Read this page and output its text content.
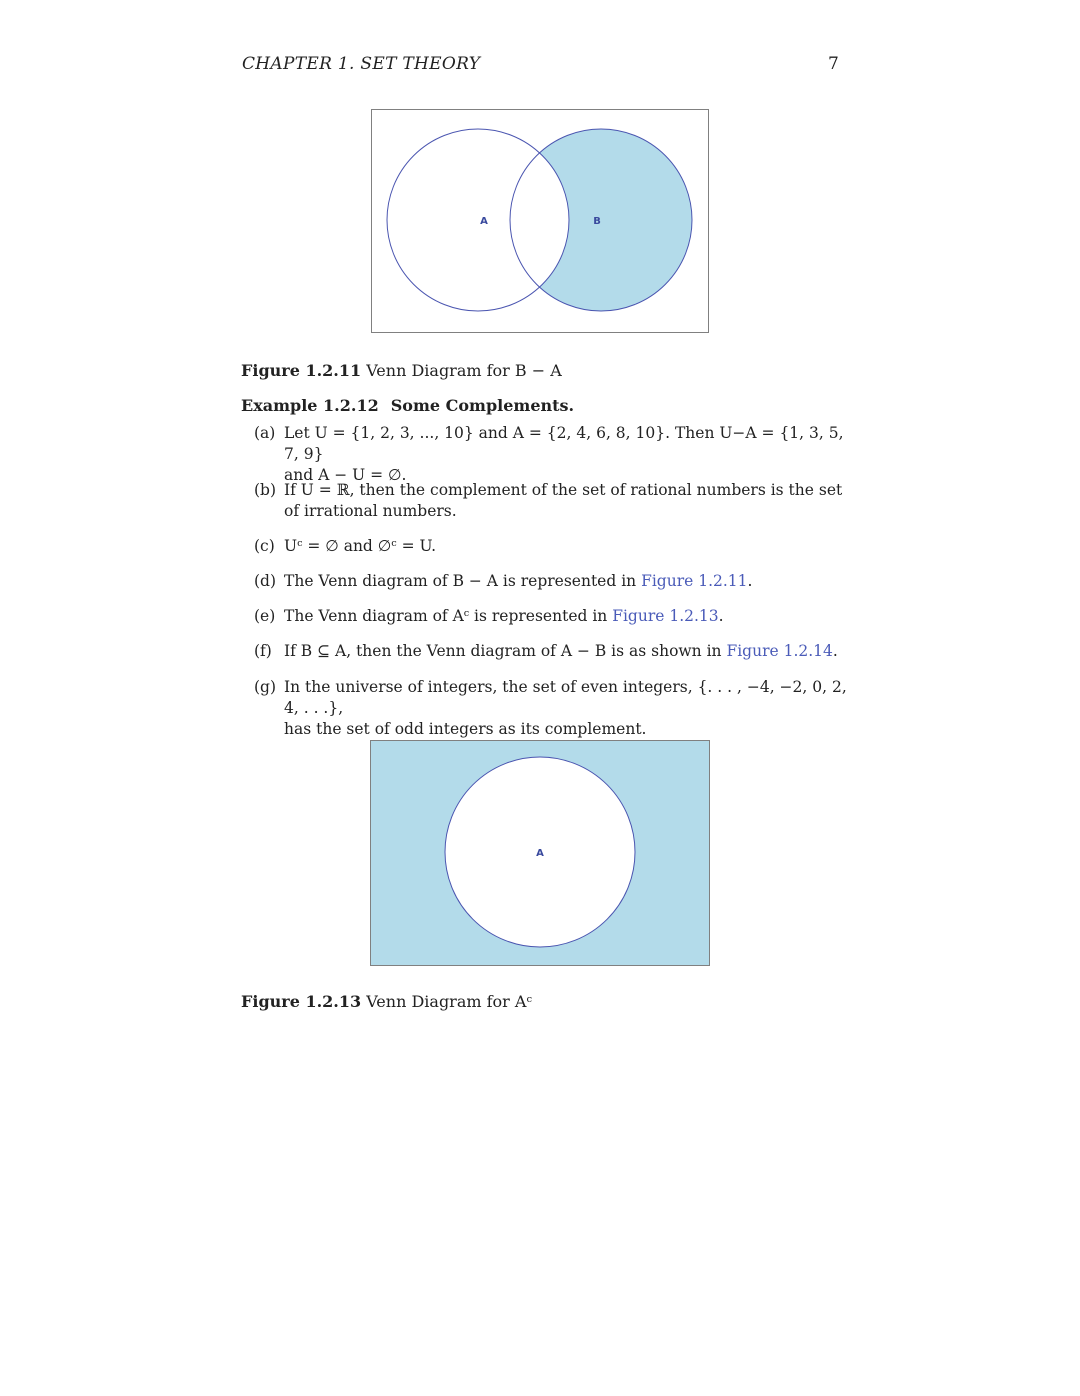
CHAPTER 1. SET THEORY	7
A	B
Figure 1.2.11 Venn Diagram for B − A
Example 1.2.12 Some Complements.
(a) Let U = {1, 2, 3, ..., 10} and A = {2, 4, 6, 8, 10}. Then U−A = {1, 3, 5, 7, 9}
and A − U = ∅.
(b) If U = ℝ, then the complement of the set of rational numbers is the set
of irrational numbers.
(c) Uᶜ = ∅ and ∅ᶜ = U.
(d) The Venn diagram of B − A is represented in Figure 1.2.11.
(e) The Venn diagram of Aᶜ is represented in Figure 1.2.13.
(f) If B ⊆ A, then the Venn diagram of A − B is as shown in Figure 1.2.14.
(g) In the universe of integers, the set of even integers, {. . . , −4, −2, 0, 2, 4, . . .},
has the set of odd integers as its complement.
A
Figure 1.2.13 Venn Diagram for Aᶜ
